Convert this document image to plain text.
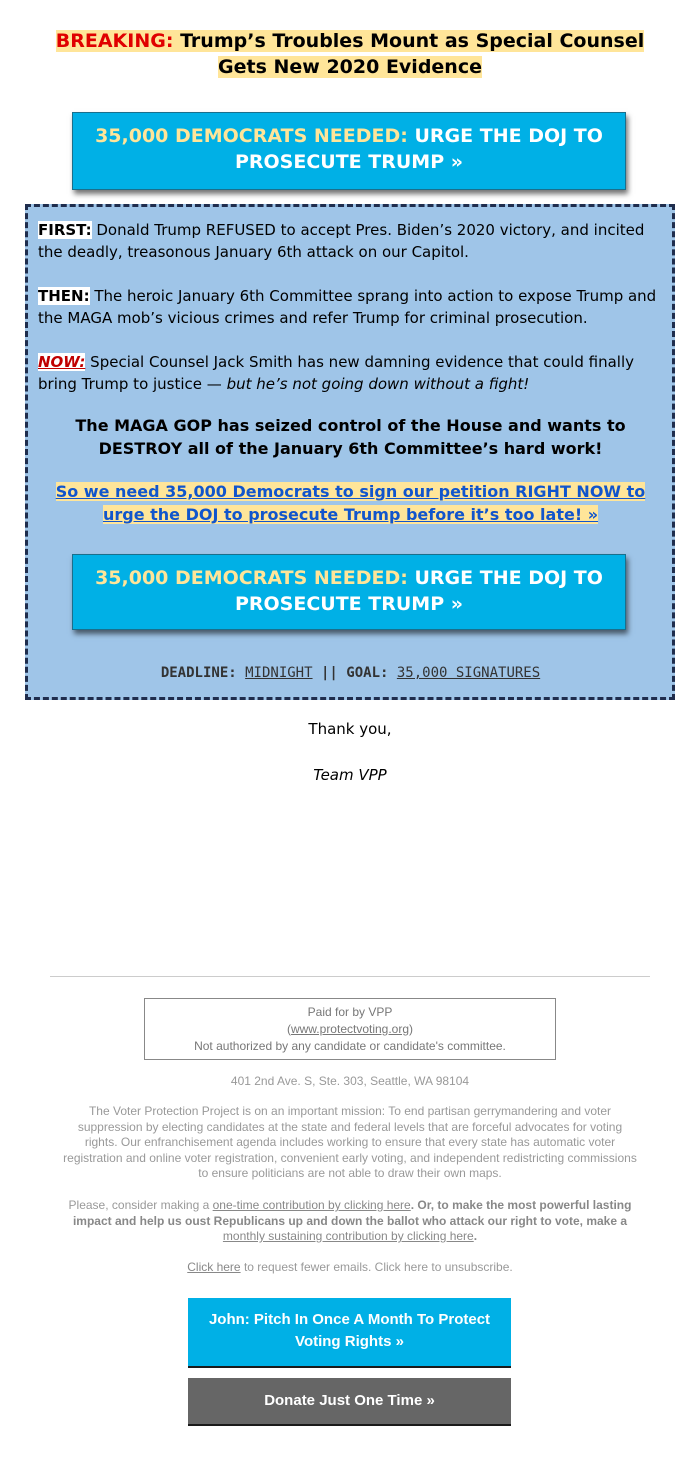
BREAKING: Trump’s Troubles Mount as Special Counsel Gets New 2020 Evidence
35,000 DEMOCRATS NEEDED: URGE THE DOJ TO PROSECUTE TRUMP »
FIRST: Donald Trump REFUSED to accept Pres. Biden’s 2020 victory, and incited the deadly, treasonous January 6th attack on our Capitol.
THEN: The heroic January 6th Committee sprang into action to expose Trump and the MAGA mob’s vicious crimes and refer Trump for criminal prosecution.
NOW: Special Counsel Jack Smith has new damning evidence that could finally bring Trump to justice — but he’s not going down without a fight!
The MAGA GOP has seized control of the House and wants to DESTROY all of the January 6th Committee’s hard work!
So we need 35,000 Democrats to sign our petition RIGHT NOW to urge the DOJ to prosecute Trump before it’s too late! »
DEADLINE: MIDNIGHT || GOAL: 35,000 SIGNATURES
35,000 DEMOCRATS NEEDED: URGE THE DOJ TO PROSECUTE TRUMP »
Thank you,
Team VPP
Paid for by VPP
(www.protectvoting.org)
Not authorized by any candidate or candidate's committee.
401 2nd Ave. S, Ste. 303, Seattle, WA 98104
The Voter Protection Project is on an important mission: To end partisan gerrymandering and voter suppression by electing candidates at the state and federal levels that are forceful advocates for voting rights. Our enfranchisement agenda includes working to ensure that every state has automatic voter registration and online voter registration, convenient early voting, and independent redistricting commissions to ensure politicians are not able to draw their own maps.
Please, consider making a one-time contribution by clicking here. Or, to make the most powerful lasting impact and help us oust Republicans up and down the ballot who attack our right to vote, make a monthly sustaining contribution by clicking here.
Click here to request fewer emails. Click here to unsubscribe.
John: Pitch In Once A Month To Protect Voting Rights »
Donate Just One Time »
